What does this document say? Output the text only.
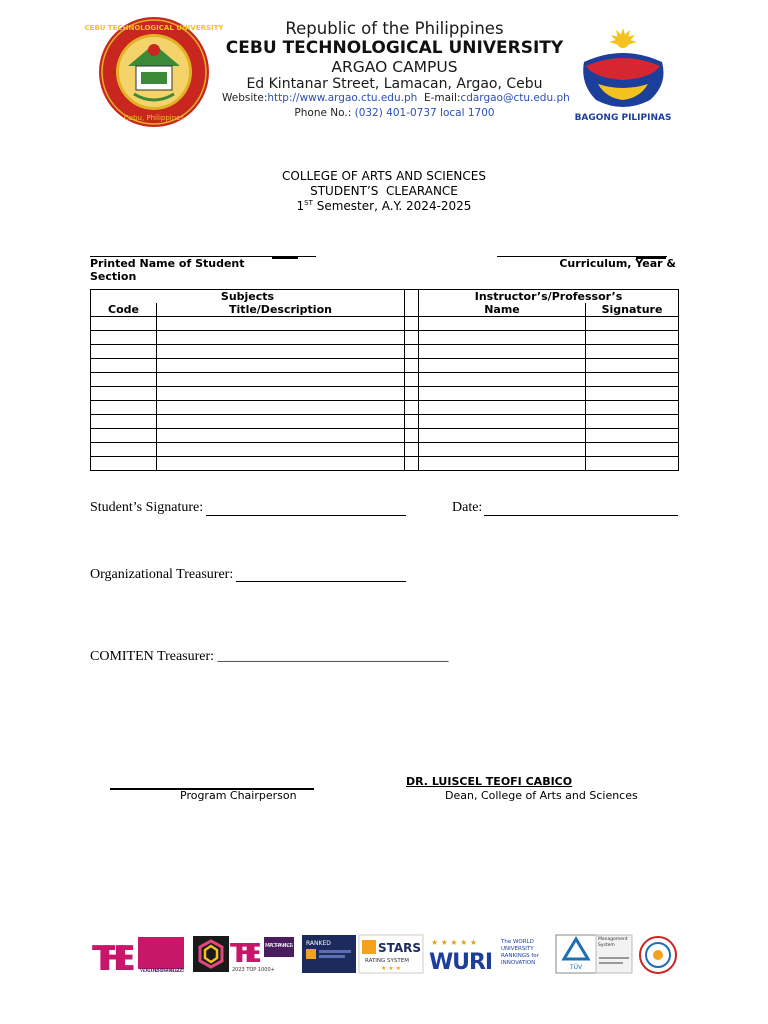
CEBU TECHNOLOGICAL UNIVERSITY
Cebu, Philippines
Republic of the Philippines
CEBU TECHNOLOGICAL UNIVERSITY
ARGAO CAMPUS
Ed Kintanar Street, Lamacan, Argao, Cebu
Website:http://www.argao.ctu.edu.ph E-mail:cdargao@ctu.edu.ph
Phone No.: (032) 401-0737 local 1700	BAGONG PILIPINAS
COLLEGE OF ARTS AND SCIENCES
STUDENT’S  CLEARANCE
1ST Semester, A.Y. 2024-2025
Printed Name of Student	Curriculum, Year &
Section
Subjects			Instructor’s/Professor’s	
Code	Title/Description		Name	Signature

Student’s Signature:	Date:
Organizational Treasurer:
COMITEN Treasurer: _________________________________
Program Chairperson
DR. LUISCEL TEOFI CABICO
Dean, College of Arts and Sciences
THE WORLD UNIVERSITY RANKINGS 2023
THE IMPACT RANKINGS
2023 TOP 1000+
RANKED	STARS
RATING SYSTEM
★ ★ ★
★ ★ ★ ★ ★
WURI
The WORLD UNIVERSITY RANKINGS for INNOVATION
TÜV
Management System
